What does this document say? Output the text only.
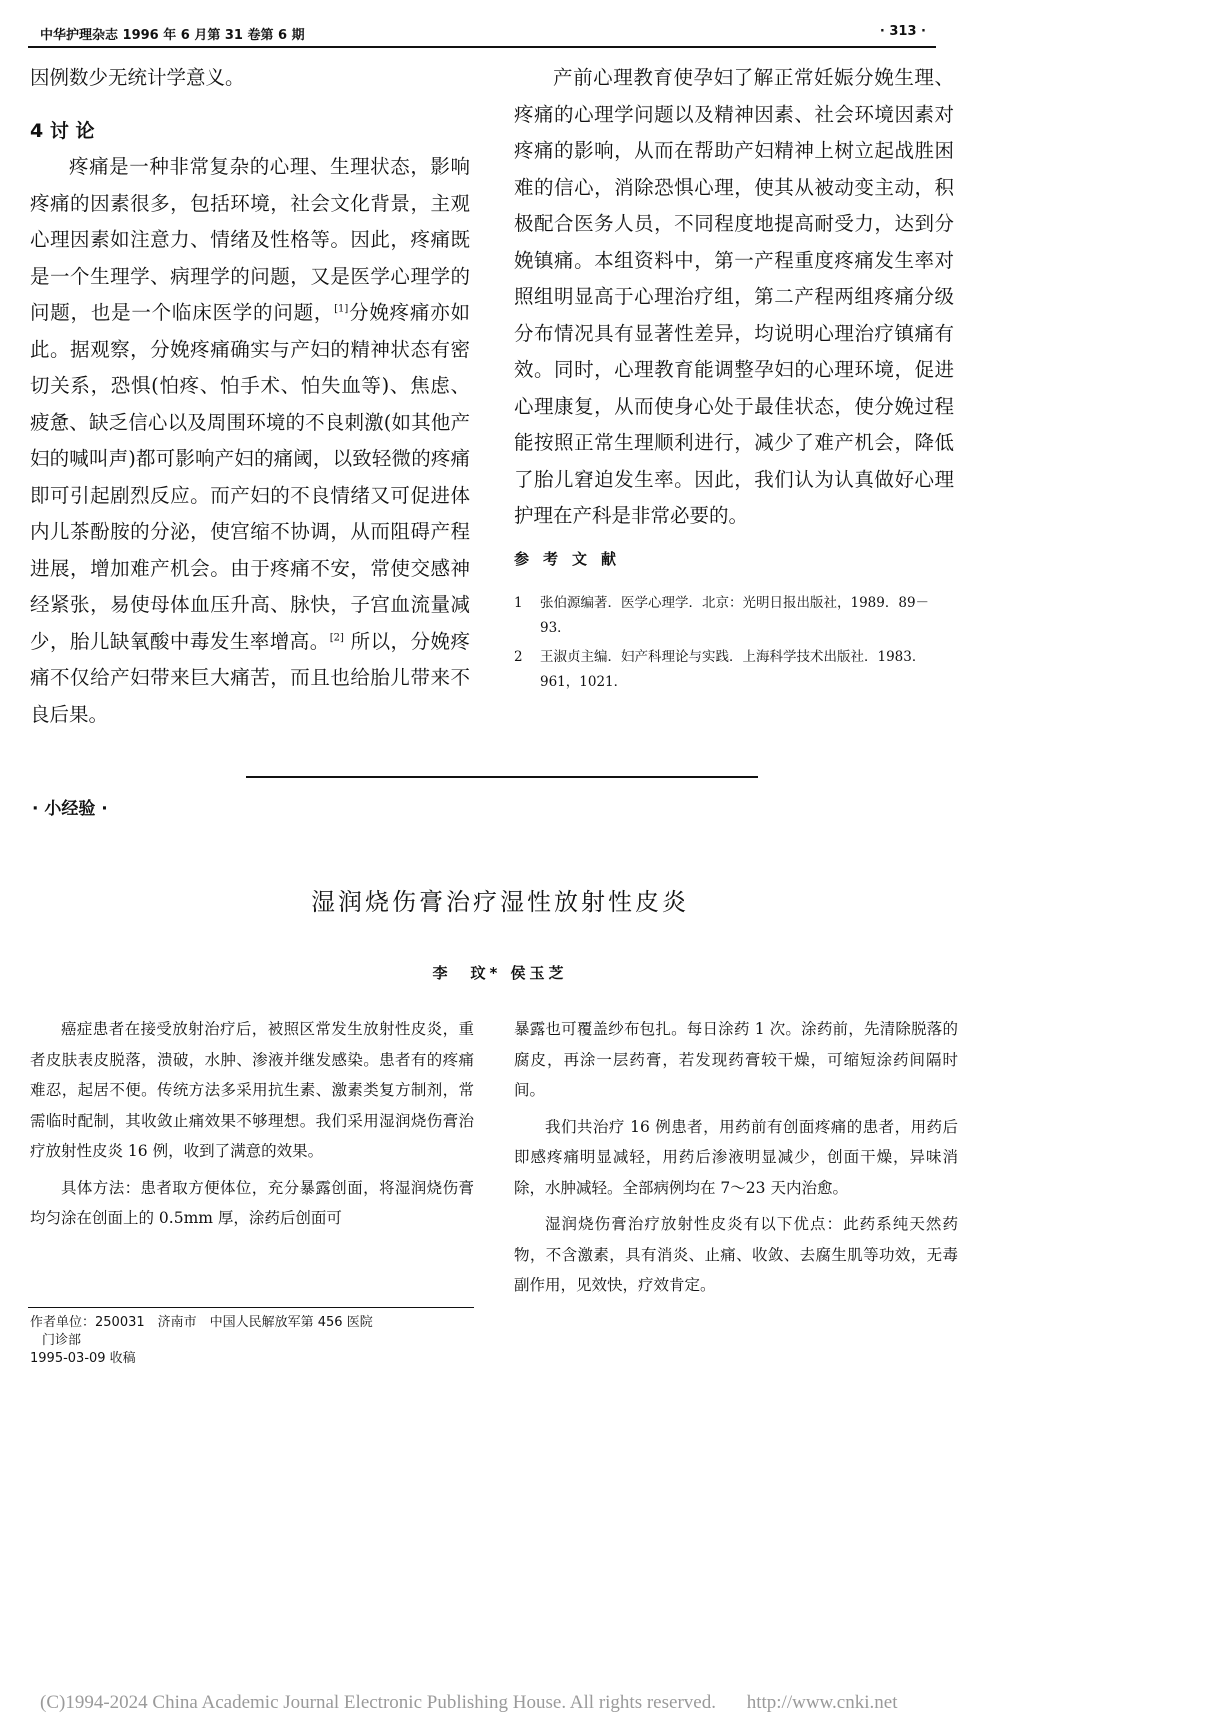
中华护理杂志 1996 年 6 月第 31 卷第 6 期	· 313 ·

因例数少无统计学意义。

4 讨 论

疼痛是一种非常复杂的心理、生理状态，影响疼痛的因素很多，包括环境，社会文化背景，主观心理因素如注意力、情绪及性格等。因此，疼痛既是一个生理学、病理学的问题，又是医学心理学的问题，也是一个临床医学的问题，[1]分娩疼痛亦如此。据观察，分娩疼痛确实与产妇的精神状态有密切关系，恐惧(怕疼、怕手术、怕失血等)、焦虑、疲惫、缺乏信心以及周围环境的不良刺激(如其他产妇的喊叫声)都可影响产妇的痛阈，以致轻微的疼痛即可引起剧烈反应。而产妇的不良情绪又可促进体内儿茶酚胺的分泌，使宫缩不协调，从而阻碍产程进展，增加难产机会。由于疼痛不安，常使交感神经紧张，易使母体血压升高、脉快，子宫血流量减少，胎儿缺氧酸中毒发生率增高。[2] 所以，分娩疼痛不仅给产妇带来巨大痛苦，而且也给胎儿带来不良后果。

产前心理教育使孕妇了解正常妊娠分娩生理、疼痛的心理学问题以及精神因素、社会环境因素对疼痛的影响，从而在帮助产妇精神上树立起战胜困难的信心，消除恐惧心理，使其从被动变主动，积极配合医务人员，不同程度地提高耐受力，达到分娩镇痛。本组资料中，第一产程重度疼痛发生率对照组明显高于心理治疗组，第二产程两组疼痛分级分布情况具有显著性差异，均说明心理治疗镇痛有效。同时，心理教育能调整孕妇的心理环境，促进心理康复，从而使身心处于最佳状态，使分娩过程能按照正常生理顺利进行，减少了难产机会，降低了胎儿窘迫发生率。因此，我们认为认真做好心理护理在产科是非常必要的。

参考文献

1	张伯源编著．医学心理学．北京：光明日报出版社，1989．89－93．
2	王淑贞主编．妇产科理论与实践．上海科学技术出版社．1983．961，1021．
· 小经验 ·
湿润烧伤膏治疗湿性放射性皮炎
李　玟* 侯玉芝

癌症患者在接受放射治疗后，被照区常发生放射性皮炎，重者皮肤表皮脱落，溃破，水肿、渗液并继发感染。患者有的疼痛难忍，起居不便。传统方法多采用抗生素、激素类复方制剂，常需临时配制，其收敛止痛效果不够理想。我们采用湿润烧伤膏治疗放射性皮炎 16 例，收到了满意的效果。

具体方法：患者取方便体位，充分暴露创面，将湿润烧伤膏均匀涂在创面上的 0.5mm 厚，涂药后创面可

暴露也可覆盖纱布包扎。每日涂药 1 次。涂药前，先清除脱落的腐皮，再涂一层药膏，若发现药膏较干燥，可缩短涂药间隔时间。

我们共治疗 16 例患者，用药前有创面疼痛的患者，用药后即感疼痛明显减轻，用药后渗液明显减少，创面干燥，异味消除，水肿减轻。全部病例均在 7～23 天内治愈。

湿润烧伤膏治疗放射性皮炎有以下优点：此药系纯天然药物，不含激素，具有消炎、止痛、收敛、去腐生肌等功效，无毒副作用，见效快，疗效肯定。

作者单位：250031　济南市　中国人民解放军第 456 医院
门诊部
1995-03-09 收稿
(C)1994-2024 China Academic Journal Electronic Publishing House. All rights reserved. http://www.cnki.net
